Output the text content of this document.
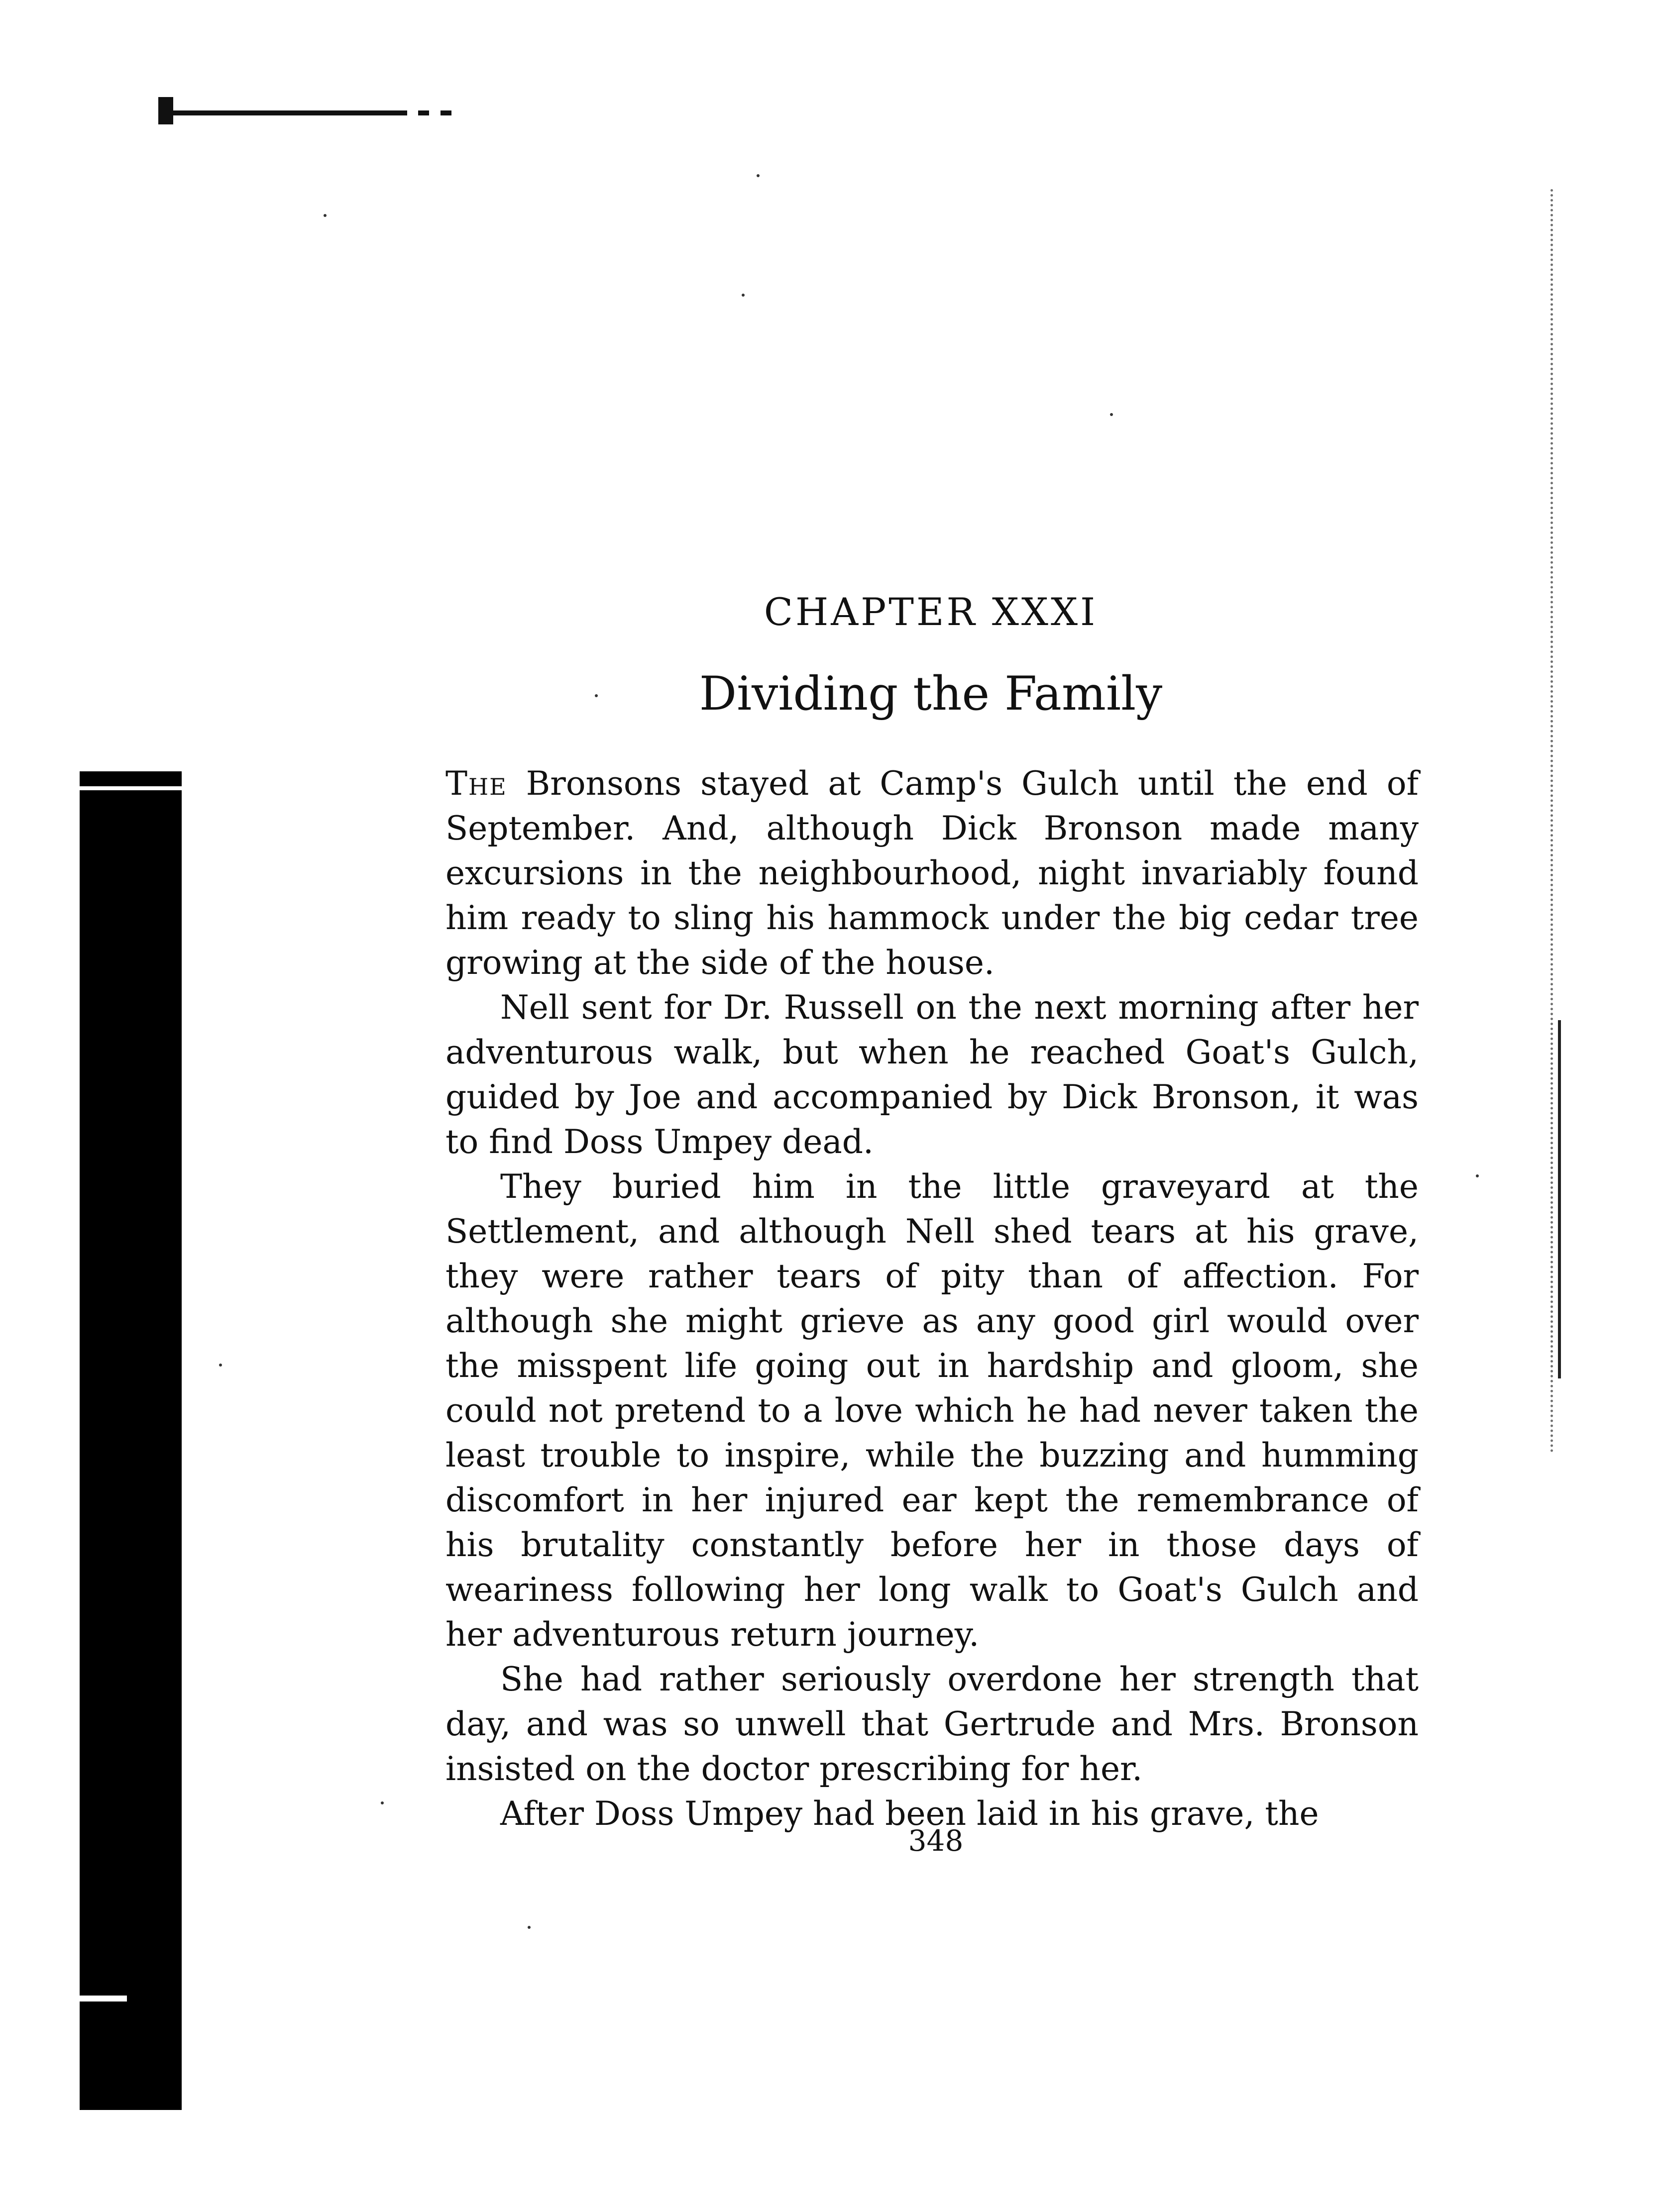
CHAPTER XXXI
Dividing the Family

The Bronsons stayed at Camp's Gulch until the end of September. And, although Dick Bronson made many excursions in the neighbourhood, night invariably found him ready to sling his hammock under the big cedar tree growing at the side of the house.

Nell sent for Dr. Russell on the next morning after her adventurous walk, but when he reached Goat's Gulch, guided by Joe and accompanied by Dick Bronson, it was to find Doss Umpey dead.

They buried him in the little graveyard at the Settlement, and although Nell shed tears at his grave, they were rather tears of pity than of affection. For although she might grieve as any good girl would over the misspent life going out in hardship and gloom, she could not pretend to a love which he had never taken the least trouble to inspire, while the buzzing and humming discomfort in her injured ear kept the remembrance of his brutality constantly before her in those days of weariness following her long walk to Goat's Gulch and her adventurous return journey.

She had rather seriously overdone her strength that day, and was so unwell that Gertrude and Mrs. Bronson insisted on the doctor prescribing for her.

After Doss Umpey had been laid in his grave, the

348
